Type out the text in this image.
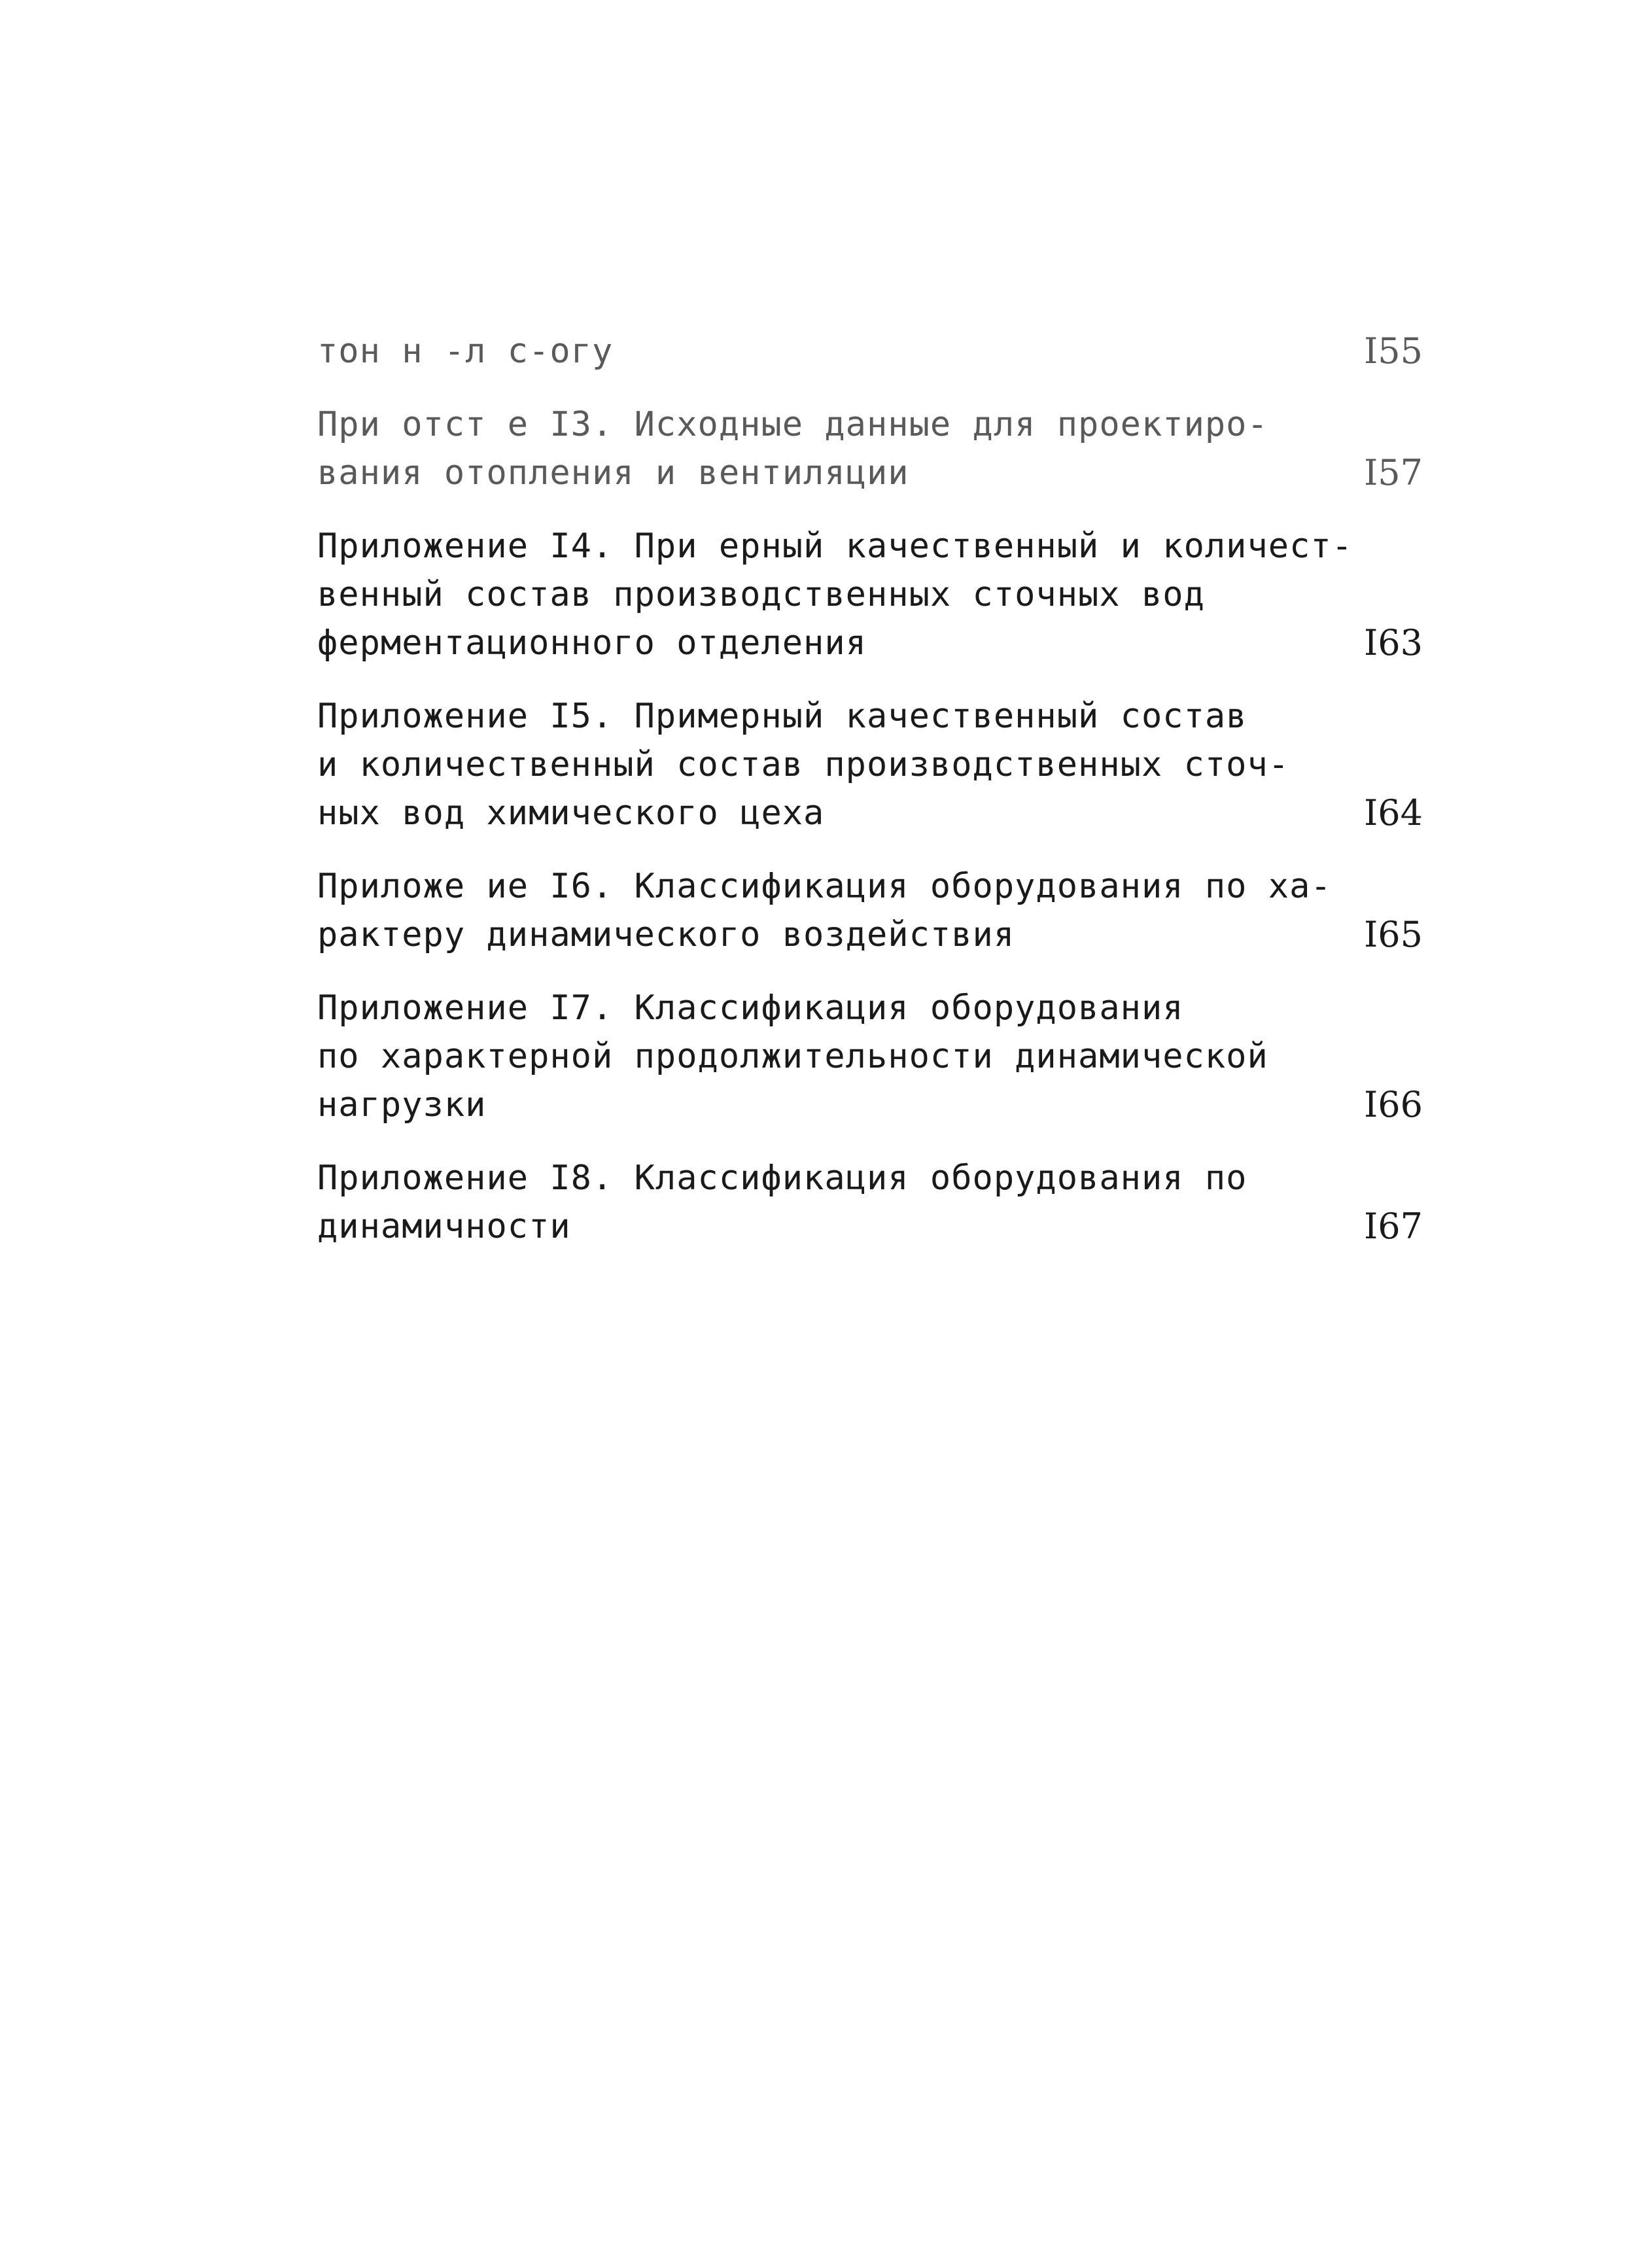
тон н -л с-огу	I55
При отст е I3. Исходные данные для проектиро-
вания отопления и вентиляции	I57
Приложение I4. При ерный качественный и количест-
венный состав производственных сточных вод
ферментационного отделения	I63
Приложение I5. Примерный качественный состав
и количественный состав производственных сточ-
ных вод химического цеха	I64
Приложе ие I6. Классификация оборудования по ха-
рактеру динамического воздействия	I65
Приложение I7. Классификация оборудования
по характерной продолжительности динамической
нагрузки	I66
Приложение I8. Классификация оборудования по
динамичности	I67
